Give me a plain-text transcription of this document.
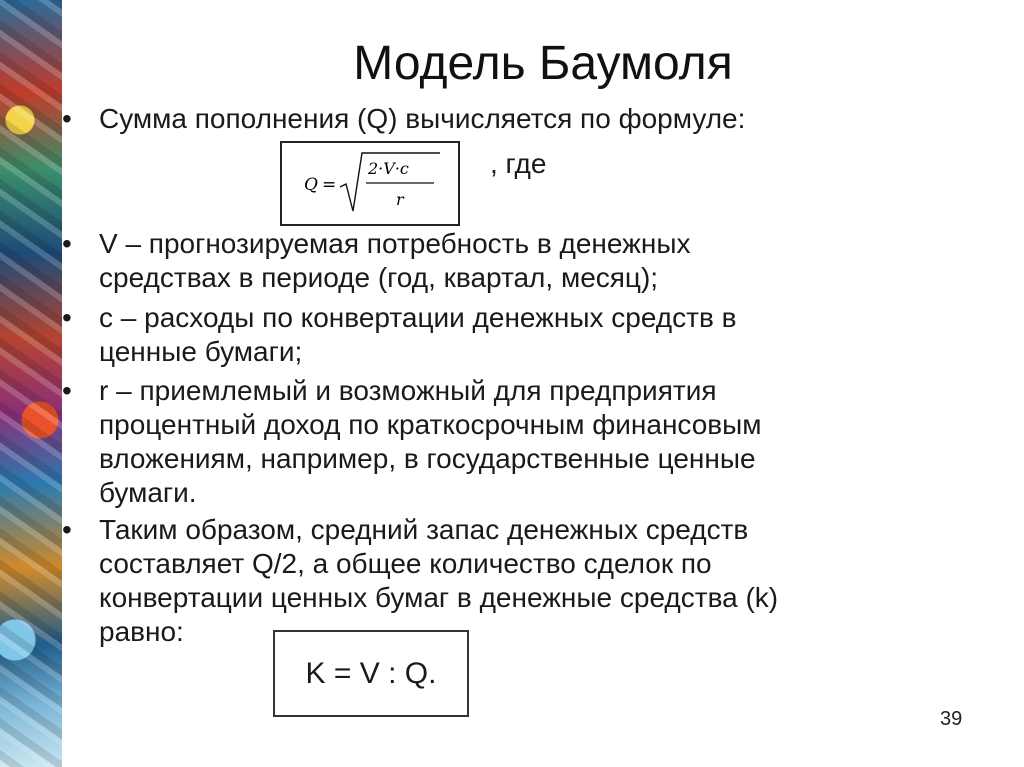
Модель Баумоля
• Сумма пополнения (Q) вычисляется по формуле:
Q =
2·V·c
r
, где
• V – прогнозируемая потребность в денежных
средствах в периоде (год, квартал, месяц);
• с – расходы по конвертации денежных средств в
ценные бумаги;
• r – приемлемый и возможный для предприятия
процентный доход по краткосрочным финансовым
вложениям, например, в государственные ценные
бумаги.
• Таким образом, средний запас денежных средств
составляет Q/2, а общее количество сделок по
конвертации ценных бумаг в денежные средства (k)
равно:
K = V : Q.
39
